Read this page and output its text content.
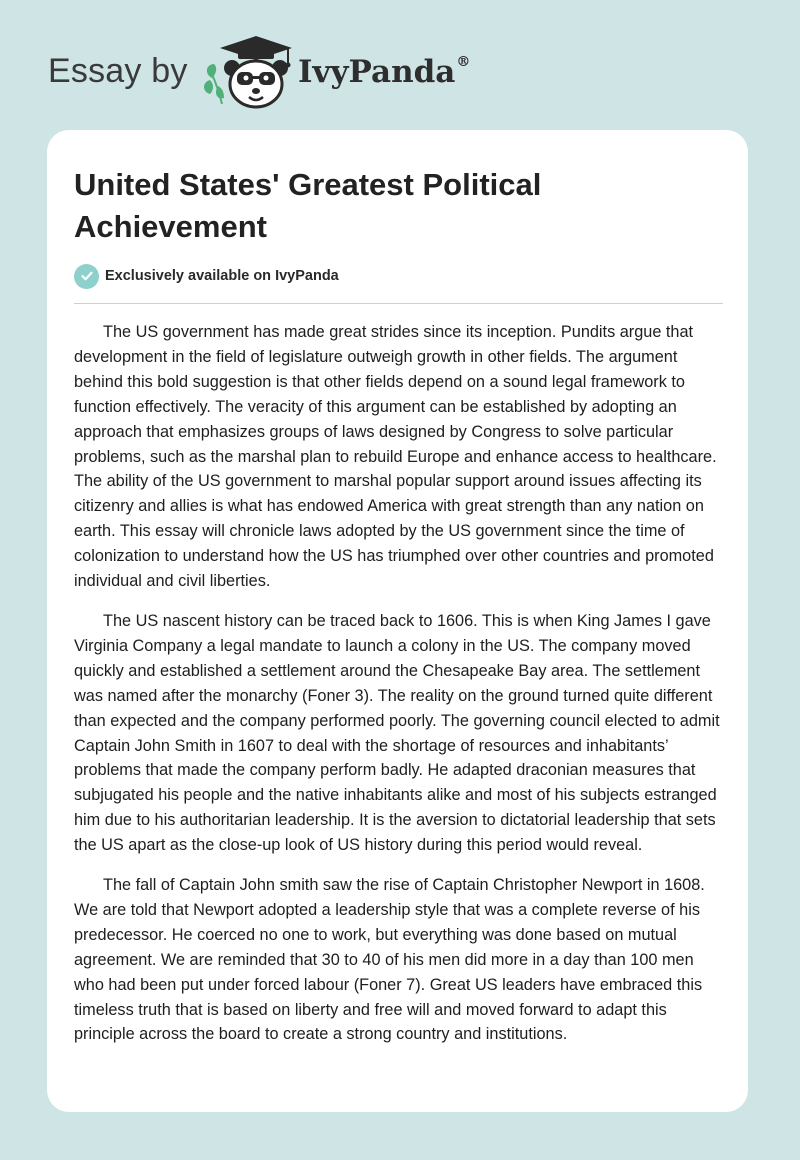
Essay by	IvyPanda®
United States' Greatest Political Achievement
Exclusively available on IvyPanda

The US government has made great strides since its inception. Pundits argue that development in the field of legislature outweigh growth in other fields. The argument behind this bold suggestion is that other fields depend on a sound legal framework to function effectively. The veracity of this argument can be established by adopting an approach that emphasizes groups of laws designed by Congress to solve particular problems, such as the marshal plan to rebuild Europe and enhance access to healthcare. The ability of the US government to marshal popular support around issues affecting its citizenry and allies is what has endowed America with great strength than any nation on earth. This essay will chronicle laws adopted by the US government since the time of colonization to understand how the US has triumphed over other countries and promoted individual and civil liberties.

The US nascent history can be traced back to 1606. This is when King James I gave Virginia Company a legal mandate to launch a colony in the US. The company moved quickly and established a settlement around the Chesapeake Bay area. The settlement was named after the monarchy (Foner 3). The reality on the ground turned quite different than expected and the company performed poorly. The governing council elected to admit Captain John Smith in 1607 to deal with the shortage of resources and inhabitants’ problems that made the company perform badly. He adapted draconian measures that subjugated his people and the native inhabitants alike and most of his subjects estranged him due to his authoritarian leadership. It is the aversion to dictatorial leadership that sets the US apart as the close-up look of US history during this period would reveal.

The fall of Captain John smith saw the rise of Captain Christopher Newport in 1608. We are told that Newport adopted a leadership style that was a complete reverse of his predecessor. He coerced no one to work, but everything was done based on mutual agreement. We are reminded that 30 to 40 of his men did more in a day than 100 men who had been put under forced labour (Foner 7). Great US leaders have embraced this timeless truth that is based on liberty and free will and moved forward to adapt this principle across the board to create a strong country and institutions.
